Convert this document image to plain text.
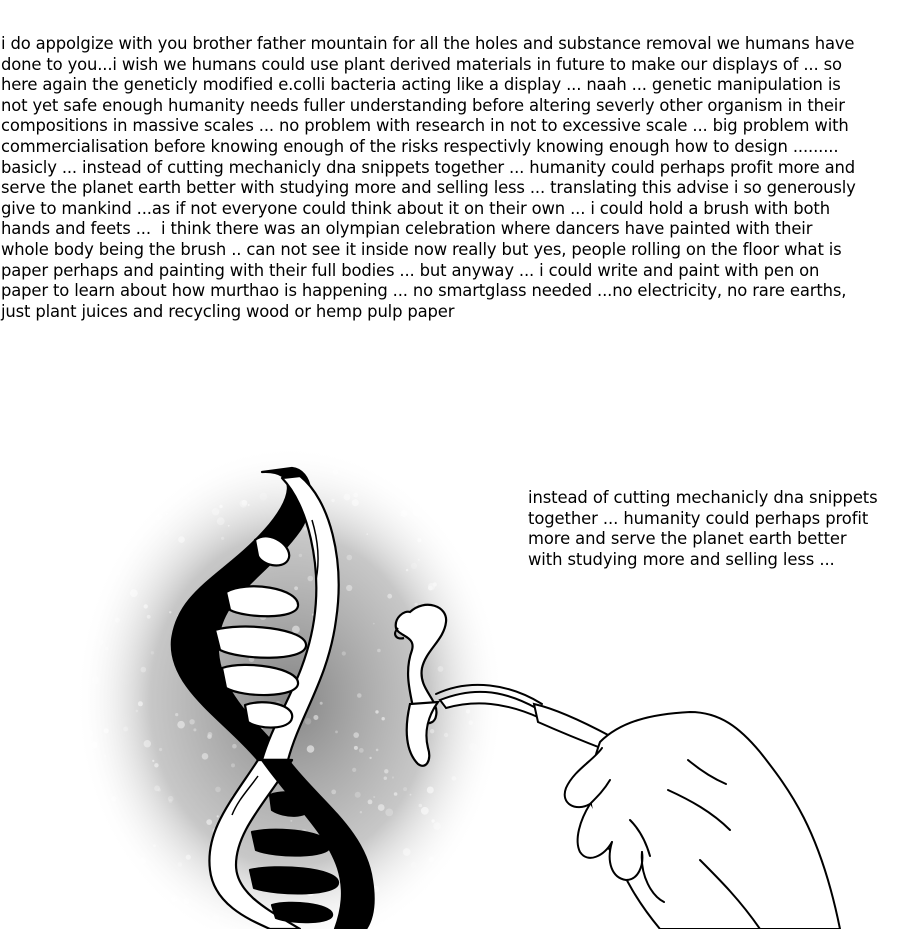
i do appolgize with you brother father mountain for all the holes and substance removal we humans have
done to you...i wish we humans could use plant derived materials in future to make our displays of ... so
here again the geneticly modified e.colli bacteria acting like a display ... naah ... genetic manipulation is
not yet safe enough humanity needs fuller understanding before altering severly other organism in their
compositions in massive scales ... no problem with research in not to excessive scale ... big problem with
commercialisation before knowing enough of the risks respectivly knowing enough how to design .........
basicly ... instead of cutting mechanicly dna snippets together ... humanity could perhaps profit more and
serve the planet earth better with studying more and selling less ... translating this advise i so generously
give to mankind ...as if not everyone could think about it on their own ... i could hold a brush with both
hands and feets ...  i think there was an olympian celebration where dancers have painted with their
whole body being the brush .. can not see it inside now really but yes, people rolling on the floor what is
paper perhaps and painting with their full bodies ... but anyway ... i could write and paint with pen on
paper to learn about how murthao is happening ... no smartglass needed ...no electricity, no rare earths,
just plant juices and recycling wood or hemp pulp paper
instead of cutting mechanicly dna snippets
together ... humanity could perhaps profit
more and serve the planet earth better
with studying more and selling less ...
